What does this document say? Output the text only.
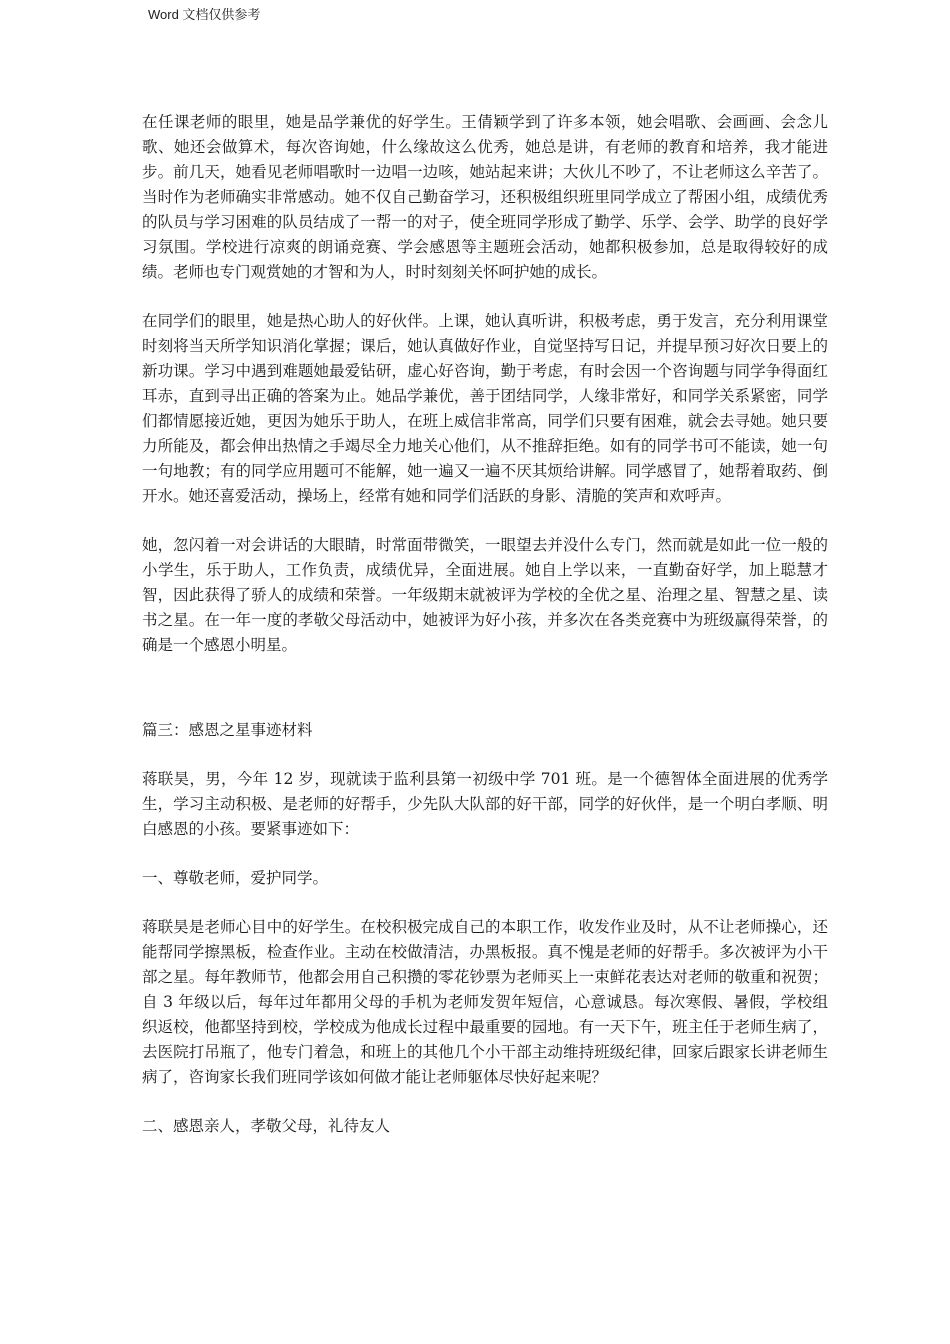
Word 文档仅供参考

在任课老师的眼里，她是品学兼优的好学生。王倩颖学到了许多本领，她会唱歌、会画画、会念儿歌、她还会做算术，每次咨询她，什么缘故这么优秀，她总是讲，有老师的教育和培养，我才能进步。前几天，她看见老师唱歌时一边唱一边咳，她站起来讲；大伙儿不吵了，不让老师这么辛苦了。当时作为老师确实非常感动。她不仅自己勤奋学习，还积极组织班里同学成立了帮困小组，成绩优秀的队员与学习困难的队员结成了一帮一的对子，使全班同学形成了勤学、乐学、会学、助学的良好学习氛围。学校进行凉爽的朗诵竞赛、学会感恩等主题班会活动，她都积极参加，总是取得较好的成绩。老师也专门观赏她的才智和为人，时时刻刻关怀呵护她的成长。

在同学们的眼里，她是热心助人的好伙伴。上课，她认真听讲，积极考虑，勇于发言，充分利用课堂时刻将当天所学知识消化掌握；课后，她认真做好作业，自觉坚持写日记，并提早预习好次日要上的新功课。学习中遇到难题她最爱钻研，虚心好咨询，勤于考虑，有时会因一个咨询题与同学争得面红耳赤，直到寻出正确的答案为止。她品学兼优，善于团结同学，人缘非常好，和同学关系紧密，同学们都情愿接近她，更因为她乐于助人，在班上威信非常高，同学们只要有困难，就会去寻她。她只要力所能及，都会伸出热情之手竭尽全力地关心他们，从不推辞拒绝。如有的同学书可不能读，她一句一句地教；有的同学应用题可不能解，她一遍又一遍不厌其烦给讲解。同学感冒了，她帮着取药、倒开水。她还喜爱活动，操场上，经常有她和同学们活跃的身影、清脆的笑声和欢呼声。

她，忽闪着一对会讲话的大眼睛，时常面带微笑，一眼望去并没什么专门，然而就是如此一位一般的小学生，乐于助人，工作负责，成绩优异，全面进展。她自上学以来，一直勤奋好学，加上聪慧才智，因此获得了骄人的成绩和荣誉。一年级期末就被评为学校的全优之星、治理之星、智慧之星、读书之星。在一年一度的孝敬父母活动中，她被评为好小孩，并多次在各类竞赛中为班级赢得荣誉，的确是一个感恩小明星。

篇三：感恩之星事迹材料

蒋联昊，男，今年 12 岁，现就读于监利县第一初级中学 701 班。是一个德智体全面进展的优秀学生，学习主动积极、是老师的好帮手，少先队大队部的好干部，同学的好伙伴，是一个明白孝顺、明白感恩的小孩。要紧事迹如下：

一、尊敬老师，爱护同学。

蒋联昊是老师心目中的好学生。在校积极完成自己的本职工作，收发作业及时，从不让老师操心，还能帮同学擦黑板，检查作业。主动在校做清洁，办黑板报。真不愧是老师的好帮手。多次被评为小干部之星。每年教师节，他都会用自己积攒的零花钞票为老师买上一束鲜花表达对老师的敬重和祝贺；自 3 年级以后，每年过年都用父母的手机为老师发贺年短信，心意诚恳。每次寒假、暑假，学校组织返校，他都坚持到校，学校成为他成长过程中最重要的园地。有一天下午，班主任于老师生病了，去医院打吊瓶了，他专门着急，和班上的其他几个小干部主动维持班级纪律，回家后跟家长讲老师生病了，咨询家长我们班同学该如何做才能让老师躯体尽快好起来呢？

二、感恩亲人，孝敬父母，礼待友人
